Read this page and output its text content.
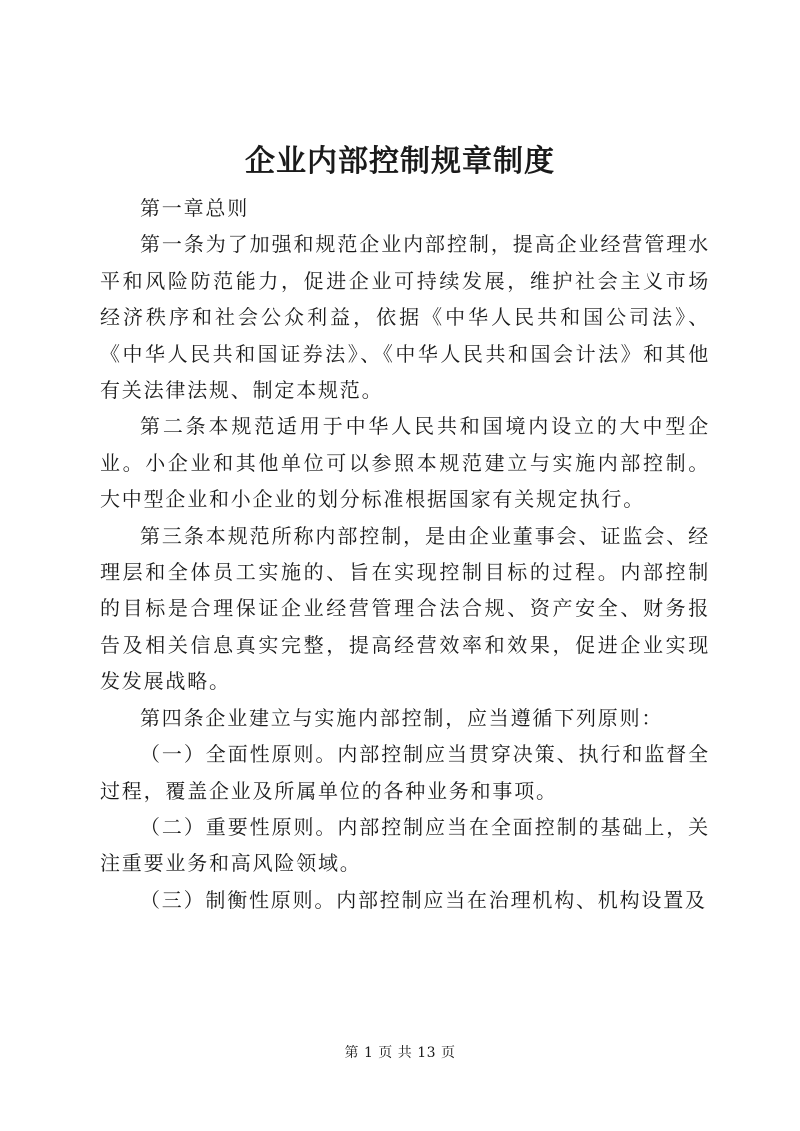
企业内部控制规章制度

第一章总则

第一条为了加强和规范企业内部控制，提高企业经营管理水平和风险防范能力，促进企业可持续发展，维护社会主义市场经济秩序和社会公众利益，依据《中华人民共和国公司法》、《中华人民共和国证券法》、《中华人民共和国会计法》和其他有关法律法规、制定本规范。

第二条本规范适用于中华人民共和国境内设立的大中型企业。小企业和其他单位可以参照本规范建立与实施内部控制。大中型企业和小企业的划分标准根据国家有关规定执行。

第三条本规范所称内部控制，是由企业董事会、证监会、经理层和全体员工实施的、旨在实现控制目标的过程。内部控制的目标是合理保证企业经营管理合法合规、资产安全、财务报告及相关信息真实完整，提高经营效率和效果，促进企业实现发发展战略。

第四条企业建立与实施内部控制，应当遵循下列原则：

（一）全面性原则。内部控制应当贯穿决策、执行和监督全过程，覆盖企业及所属单位的各种业务和事项。

（二）重要性原则。内部控制应当在全面控制的基础上，关注重要业务和高风险领域。

（三）制衡性原则。内部控制应当在治理机构、机构设置及

第 1 页 共 13 页
